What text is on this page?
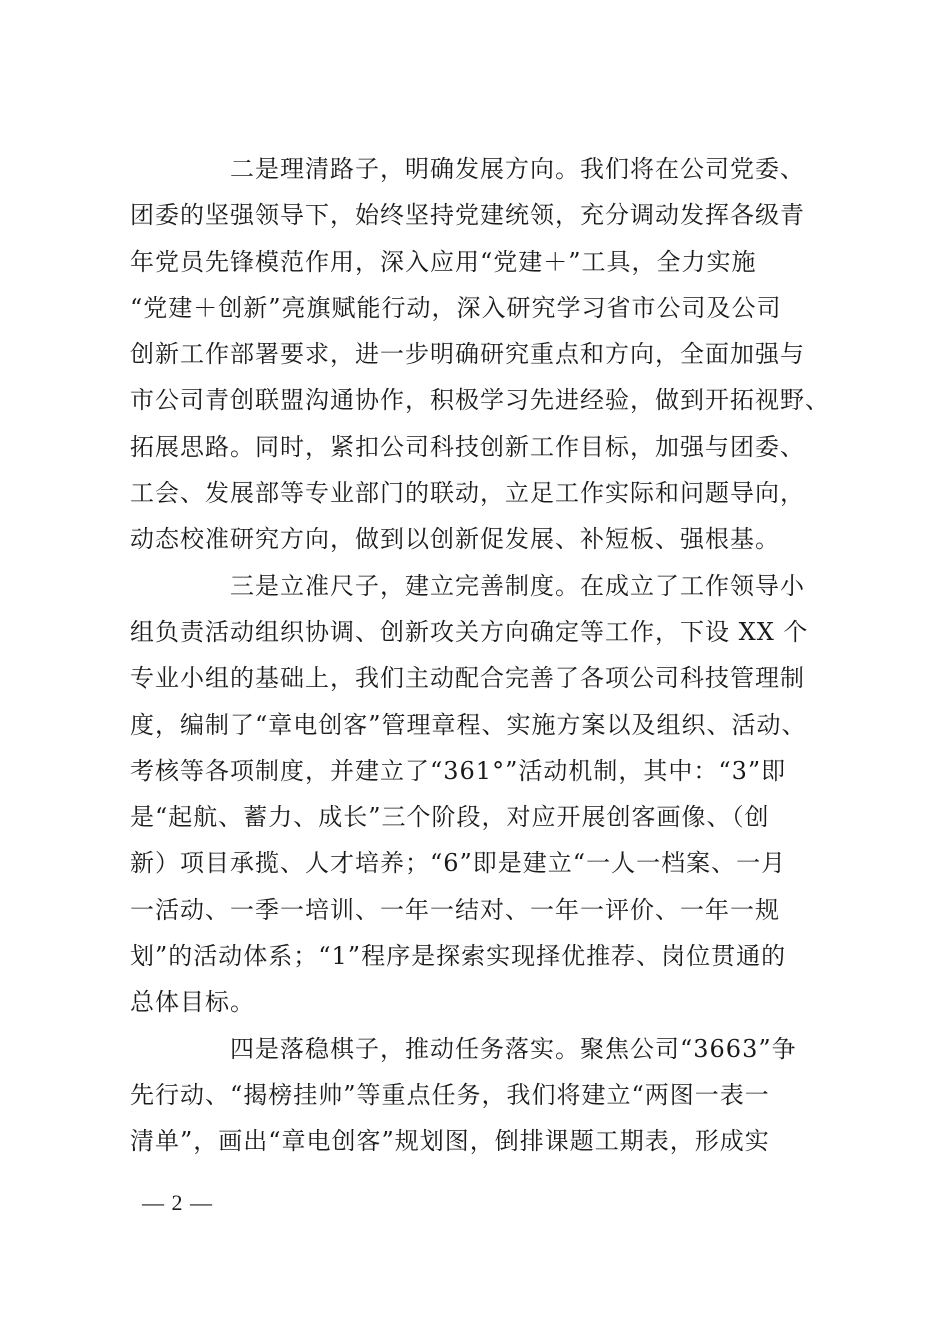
二是理清路子，明确发展方向。我们将在公司党委、
团委的坚强领导下，始终坚持党建统领，充分调动发挥各级青
年党员先锋模范作用，深入应用“党建＋”工具，全力实施
“党建＋创新”亮旗赋能行动，深入研究学习省市公司及公司
创新工作部署要求，进一步明确研究重点和方向，全面加强与
市公司青创联盟沟通协作，积极学习先进经验，做到开拓视野、
拓展思路。同时，紧扣公司科技创新工作目标，加强与团委、
工会、发展部等专业部门的联动，立足工作实际和问题导向，
动态校准研究方向，做到以创新促发展、补短板、强根基。
三是立准尺子，建立完善制度。在成立了工作领导小
组负责活动组织协调、创新攻关方向确定等工作，下设 XX 个
专业小组的基础上，我们主动配合完善了各项公司科技管理制
度，编制了“章电创客”管理章程、实施方案以及组织、活动、
考核等各项制度，并建立了“361°”活动机制，其中：“3”即
是“起航、蓄力、成长”三个阶段，对应开展创客画像、（创
新）项目承揽、人才培养；“6”即是建立“一人一档案、一月
一活动、一季一培训、一年一结对、一年一评价、一年一规
划”的活动体系；“1”程序是探索实现择优推荐、岗位贯通的
总体目标。
四是落稳棋子，推动任务落实。聚焦公司“3663”争
先行动、“揭榜挂帅”等重点任务，我们将建立“两图一表一
清单”，画出“章电创客”规划图，倒排课题工期表，形成实
— 2 —
